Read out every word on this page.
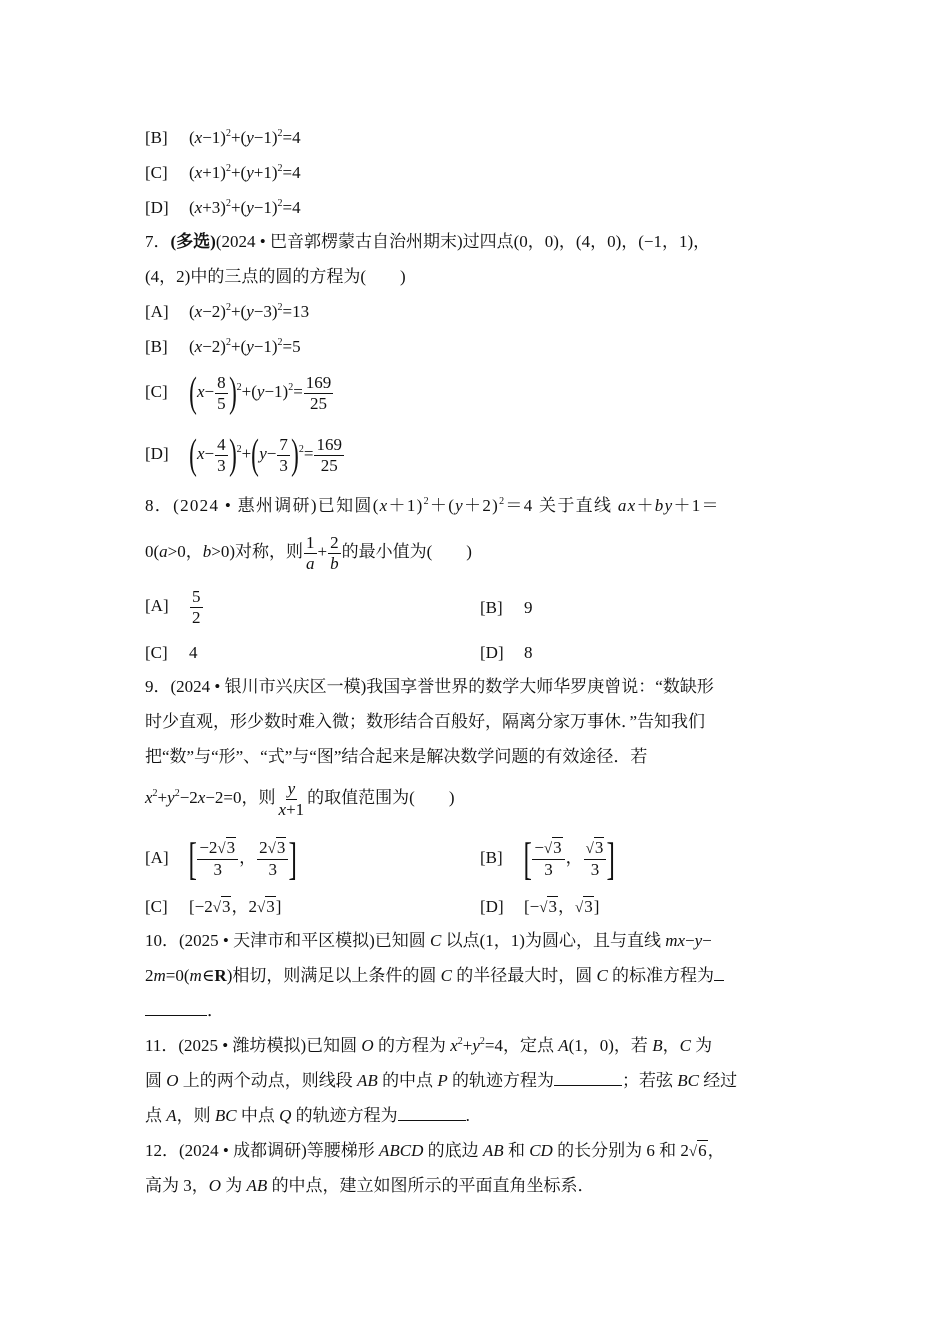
[B] $(x-1)^2+(y-1)^2=4$
[C] $(x+1)^2+(y+1)^2=4$
[D] $(x+3)^2+(y-1)^2=4$
7．(多选)(2024 • 巴音郭楞蒙古自治州期末)过四点(0，0)，(4，0)，(−1，1)，
(4，2)中的三点的圆的方程为(　　)
[A] $(x-2)^2+(y-3)^2=13$
[B] $(x-2)^2+(y-1)^2=5$
[C] $(x- \frac{8}{5} )^2+(y-1)^2= \frac{169}{25}$
[D] $(x- \frac{4}{3} )^2+(y- \frac{7}{3} )^2= \frac{169}{25}$
8．(2024 • 惠州调研)已知圆$(x+1)^2+(y+2)^2=4$ 关于直线 ax＋by＋1＝
0(a>0，b>0)对称，则 $\frac{1}{a} + \frac{2}{b}$ 的最小值为(　　)
$[A] \frac{5}{2}$	[B] 9
[C] 4	[D] 8
9．(2024 • 银川市兴庆区一模)我国享誉世界的数学大师华罗庚曾说：“数缺形
时少直观，形少数时难入微；数形结合百般好，隔离分家万事休．”告知我们
把“数”与“形”、“式”与“图”结合起来是解决数学问题的有效途径．若
$x^2+y^2-2x-2=0$，则 $\frac{y}{x+1}$ 的取值范围为(　　)
[A] [ $\frac{-2√3}{3}$ ， $\frac{2√3}{3}$ ]	[B] [ $\frac{-√3}{3}$ ， $\frac{√3}{3}$ ]
[C] [−2√3，2√3]	[D] [−√3，√3]
10．(2025 • 天津市和平区模拟)已知圆 C 以点(1，1)为圆心，且与直线 mx−y−
2m=0(m∈R)相切，则满足以上条件的圆 C 的半径最大时，圆 C 的标准方程为
．
11．(2025 • 潍坊模拟)已知圆 O 的方程为 $x^2+y^2=4$，定点 A(1，0)，若 B，C 为
圆 O 上的两个动点，则线段 AB 的中点 P 的轨迹方程为	；若弦 BC 经过
点 A，则 BC 中点 Q 的轨迹方程为	.
12．(2024 • 成都调研)等腰梯形 ABCD 的底边 AB 和 CD 的长分别为 6 和 2√6，
高为 3，O 为 AB 的中点，建立如图所示的平面直角坐标系．
